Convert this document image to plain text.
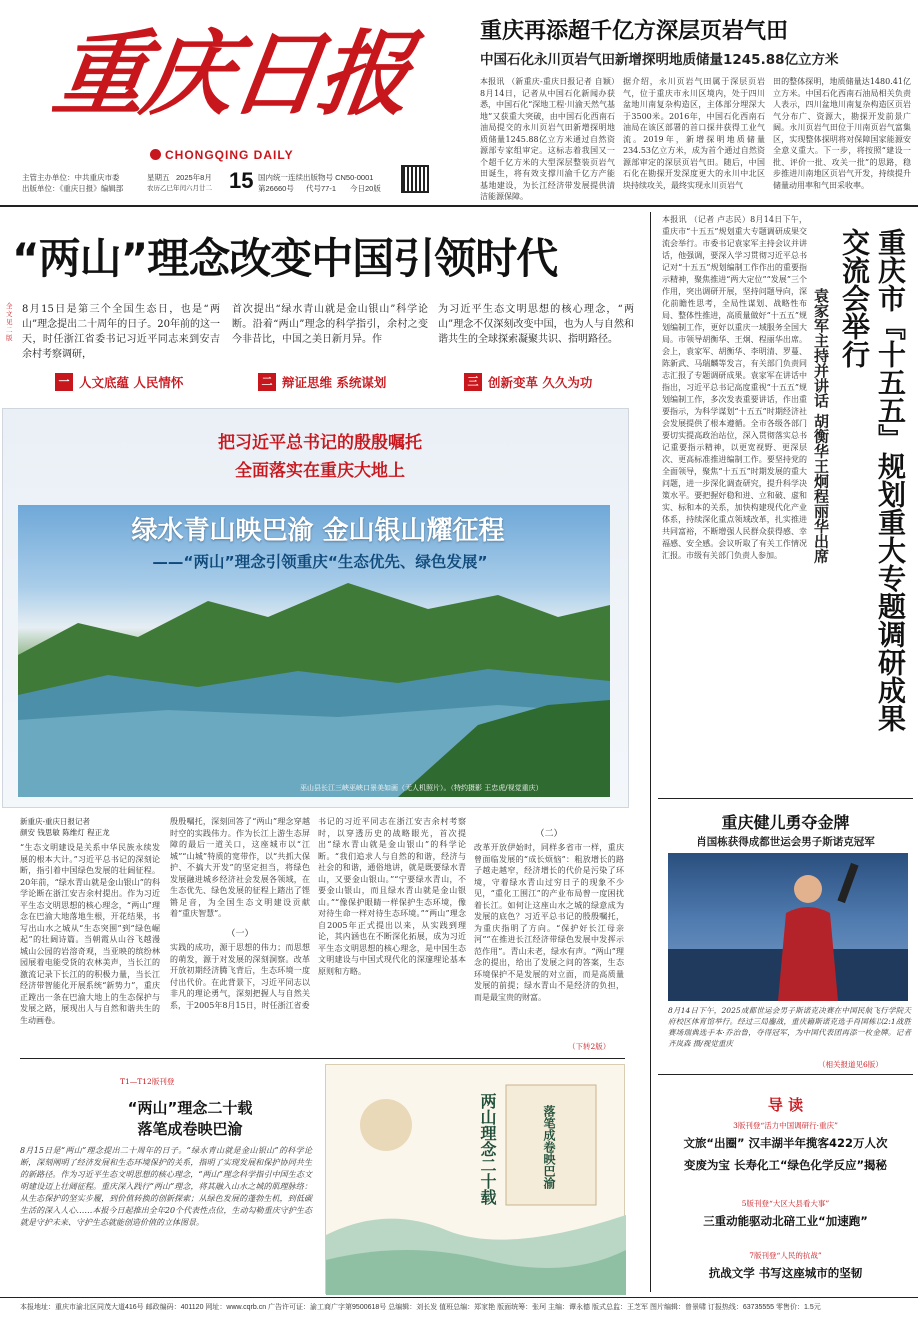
重庆日报
CHONGQING DAILY
主管主办单位：中共重庆市委
出版单位：《重庆日报》编辑部
星期五 2025年8月
农历乙巳年闰六月廿二 15 国内统一连续出版物号 CN50-0001
第26660号 代号77-1 今日20版
重庆再添超千亿方深层页岩气田
中国石化永川页岩气田新增探明地质储量1245.88亿立方米
本报讯 （新重庆-重庆日报记者 自颖）8月14日，记者从中国石化新闻办获悉，中国石化“深地工程·川渝天然气基地”又获重大突破，由中国石化西南石油局提交的永川页岩气田新增探明地质储量1245.88亿立方米通过自然资源部专家组审定。这标志着我国又一个超千亿方米的大型深层整装页岩气田诞生，将有效支撑川渝千亿方产能基地建设，为长江经济带发展提供清洁能源保障。
据介绍，永川页岩气田属于深层页岩气，位于重庆市永川区境内，处于四川盆地川南复杂构造区，主体部分埋深大于3500米。2016年，中国石化西南石油局在该区部署的首口探井获得工业气流。2019年，新增探明地质储量234.53亿立方米，成为首个通过自然资源部审定的深层页岩气田。随后，中国石化在勘探开发深度更大的永川中北区块持续攻关，最终实现永川页岩气
田的整体探明，地质储量达1480.41亿立方米。中国石化西南石油局相关负责人表示，四川盆地川南复杂构造区页岩气分布广、资源大，勘探开发前景广阔。永川页岩气田位于川南页岩气富集区，实现整体探明将对保障国家能源安全意义重大。下一步，将按照“建设一批、评价一批、攻关一批”的思路，稳步推进川南地区页岩气开发，持续提升储量动用率和气田采收率。
“两山”理念改变中国引领时代
全文见二版
8月15日是第三个全国生态日，也是“两山”理念提出二十周年的日子。20年前的这一天，时任浙江省委书记习近平同志来到安吉余村考察调研，
首次提出“绿水青山就是金山银山”科学论断。沿着“两山”理念的科学指引，余村之变今非昔比，中国之美日新月异。作
为习近平生态文明思想的核心理念，“两山”理念不仅深刻改变中国，也为人与自然和谐共生的全球探索凝聚共识、指明路径。
一 人文底蕴 人民情怀	二 辩证思维 系统谋划	三 创新变革 久久为功
把习近平总书记的殷殷嘱托
全面落实在重庆大地上
绿水青山映巴渝 金山银山耀征程
——“两山”理念引领重庆“生态优先、绿色发展”
巫山县长江三峡巫峡口景美如画（无人机照片）。（特约摄影 王忠虎/视觉重庆）
新重庆-重庆日报记者
颜安 钱思敏 陈维灯 程正龙
“生态文明建设是关系中华民族永续发展的根本大计。”习近平总书记的深刻论断，指引着中国绿色发展的壮阔征程。20年前，“绿水青山就是金山银山”的科学论断在浙江安吉余村提出。作为习近平生态文明思想的核心理念，“两山”理念在巴渝大地落地生根，开花结果，书写出山水之城从“生态突围”到“绿色崛起”的壮阔诗篇。当朝霞从山谷飞越漫城山公园的岩溶奇观，当亚映的缤纷林园展着电能受货的农林美声，当长江的激流记录下长江的的积极力量，当长江经济带智能化开展系统“新势力”，重庆正蹚出一条在巴渝大地上的生态保护与发展之路，展现出人与自然和谐共生的生动画卷。
殷殷嘱托，深刻回答了“两山”理念穿越时空的实践伟力。作为长江上游生态屏障的最后一道关口，这座城市以“江城”“山城”特质的宽带作，以“共抓大保护、不搞大开发”的坚定担当，将绿色发展融进城乡经济社会发展各领域，在生态优先、绿色发展的征程上踏出了铿锵足音，为全国生态文明建设贡献着“重庆智慧”。
（一）
实践的成功，源于思想的伟力；而思想的萌发，源于对发展的深刻洞察。改革开放初期经济腾飞背后，生态环境一度付出代价。在此背景下，习近平同志以非凡的理论勇气，深刻把握人与自然关系，于2005年8月15日，时任浙江省委
书记的习近平同志在浙江安吉余村考察时，以穿透历史的战略眼光，首次提出“绿水青山就是金山银山”的科学论断。“我们追求人与自然的和谐，经济与社会的和谐，通俗地讲，就是既要绿水青山，又要金山银山。”“宁要绿水青山，不要金山银山，而且绿水青山就是金山银山。”“像保护眼睛一样保护生态环境，像对待生命一样对待生态环境。”“两山”理念自2005年正式提出以来，从实践到理论，其内涵也在不断深化拓展，成为习近平生态文明思想的核心理念，是中国生态文明建设与中国式现代化的深邃理论基本原则和方略。
（二）
改革开放伊始时，同样多省市一样，重庆曾面临发展的“成长烦恼”：粗放增长的路子越走越窄，经济增长的代价是污染了环境，守着绿水青山过穷日子的现象不少见，“重化工围江”的产业布局曾一度困扰着长江。如何让这座山水之城的绿意成为发展的底色？习近平总书记的殷殷嘱托，为重庆指明了方向。“保护好长江母亲河”“在推进长江经济带绿色发展中发挥示范作用”。青山未老，绿水有声。“两山”理念的提出，给出了发展之问的答案，生态环境保护不是发展的对立面，而是高质量发展的前提；绿水青山不是经济的负担，而是最宝贵的财富。
（下转2版）
T1—T12版刊登
“两山”理念二十载
落笔成卷映巴渝
8月15日是“两山”理念提出二十周年的日子。“绿水青山就是金山银山”的科学论断，深刻阐明了经济发展和生态环境保护的关系，指明了实现发展和保护协同共生的新路径。作为习近平生态文明思想的核心理念，“两山”理念科学指引中国生态文明建设迈上壮阔征程。重庆深入践行“两山”理念，将其融入山水之城的肌理脉络：从生态保护的坚实步履，到价值转换的创新探索；从绿色发展的蓬勃生机，到低碳生活的深入人心……本报今日起推出全年20个代表性点位，生动勾勒重庆守护生态就是守护未来、守护生态就能创造价值的立体图景。
两山理念二十载	落笔成卷映巴渝
本报讯 （记者 卢志民）8月14日下午，重庆市“十五五”规划重大专题调研成果交流会举行。市委书记袁家军主持会议并讲话，他强调，要深入学习贯彻习近平总书记对“十五五”规划编制工作作出的重要指示精神，聚焦推进“两大定位”“发展”三个作用，突出调研开展，坚持问题导向，深化前瞻性思考，全局性谋划、战略性布局、整体性推进，高质量做好“十五五”规划编制工作，更好以重庆一域服务全国大局。市领导胡衡华、王炯、程丽华出席。会上，袁家军、胡衡华、李明清、罗蔓、陈新武、马瑞麟等发言，有关部门负责同志汇报了专题调研成果。袁家军在讲话中指出，习近平总书记高度重视“十五五”规划编制工作，多次发表重要讲话，作出重要指示，为科学谋划“十五五”时期经济社会发展提供了根本遵循。全市各级各部门要切实提高政治站位，深入贯彻落实总书记重要指示精神，以更宽视野、更深层次、更高标准推进编制工作。要坚持党的全面领导，聚焦“十五五”时期发展的重大问题，进一步深化调查研究，提升科学决策水平。要把握好稳和进、立和破、虚和实、标和本的关系，加快构建现代化产业体系，持续深化重点领域改革，扎实推进共同富裕，不断增强人民群众获得感、幸福感、安全感。会议听取了有关工作情况汇报。市级有关部门负责人参加。	重庆市『十五五』规划重大专题调研成果交流会举行
袁家军主持并讲话 胡衡华王炯程丽华出席
重庆健儿勇夺金牌
肖国栋获得成都世运会男子斯诺克冠军
8月14日下午，2025成都世运会男子斯诺克决赛在中国民航飞行学院天府校区体育馆举行。经过三局鏖战，重庆籍斯诺克选手肖国栋以2:1战胜赛场瑞典选手本·乔治鲁，夺得冠军，为中国代表团再添一枚金牌。记者 齐岚森 摄/视觉重庆
（相关报道见6版）
导 读
3版刊登“活力中国调研行·重庆”
文旅“出圈” 汉丰湖半年揽客422万人次
变废为宝 长寿化工“绿色化学反应”揭秘
5版刊登“大区大县看大事”
三重动能驱动北碚工业“加速跑”
7版刊登“人民的抗战”
抗战文学 书写这座城市的坚韧
本报地址：重庆市渝北区同茂大道416号 邮政编码：401120 网址：www.cqrb.cn 广告许可证：渝工商广字第9500618号 总编辑：刘长发 值班总编：郑家艳 版面统筹：张珂 主编：谭永德 版式总监：王芝军 图片编辑：曾景啸 订报热线：63735555 零售价：1.5元
